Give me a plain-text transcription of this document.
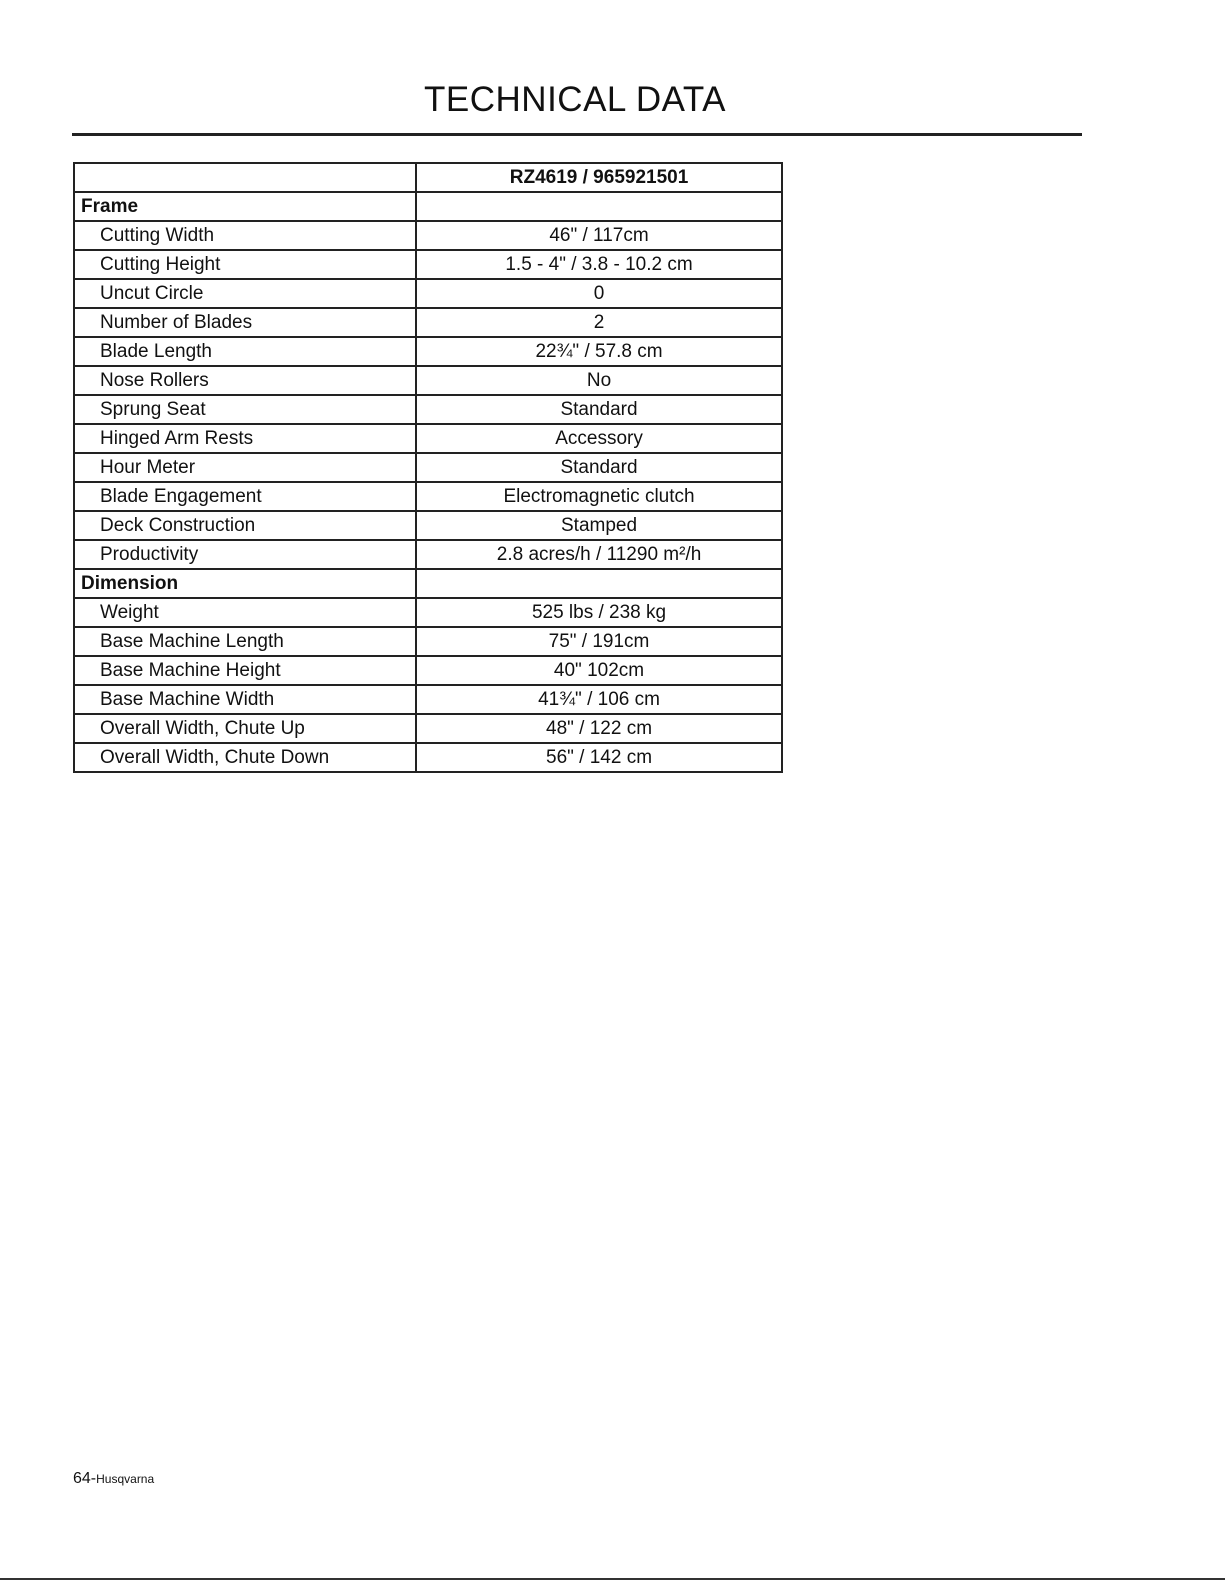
TECHNICAL DATA
	RZ4619 / 965921501
Frame	
Cutting Width	46" / 117cm
Cutting Height	1.5 - 4" / 3.8 - 10.2 cm
Uncut Circle	0
Number of Blades	2
Blade Length	22¾" / 57.8 cm
Nose Rollers	No
Sprung Seat	Standard
Hinged Arm Rests	Accessory
Hour Meter	Standard
Blade Engagement	Electromagnetic clutch
Deck Construction	Stamped
Productivity	2.8 acres/h / 11290 m²/h
Dimension	
Weight	525 lbs / 238 kg
Base Machine Length	75" / 191cm
Base Machine Height	40" 102cm
Base Machine Width	41¾" / 106 cm
Overall Width, Chute Up	48" / 122 cm
Overall Width, Chute Down	56" / 142 cm
64-Husqvarna
